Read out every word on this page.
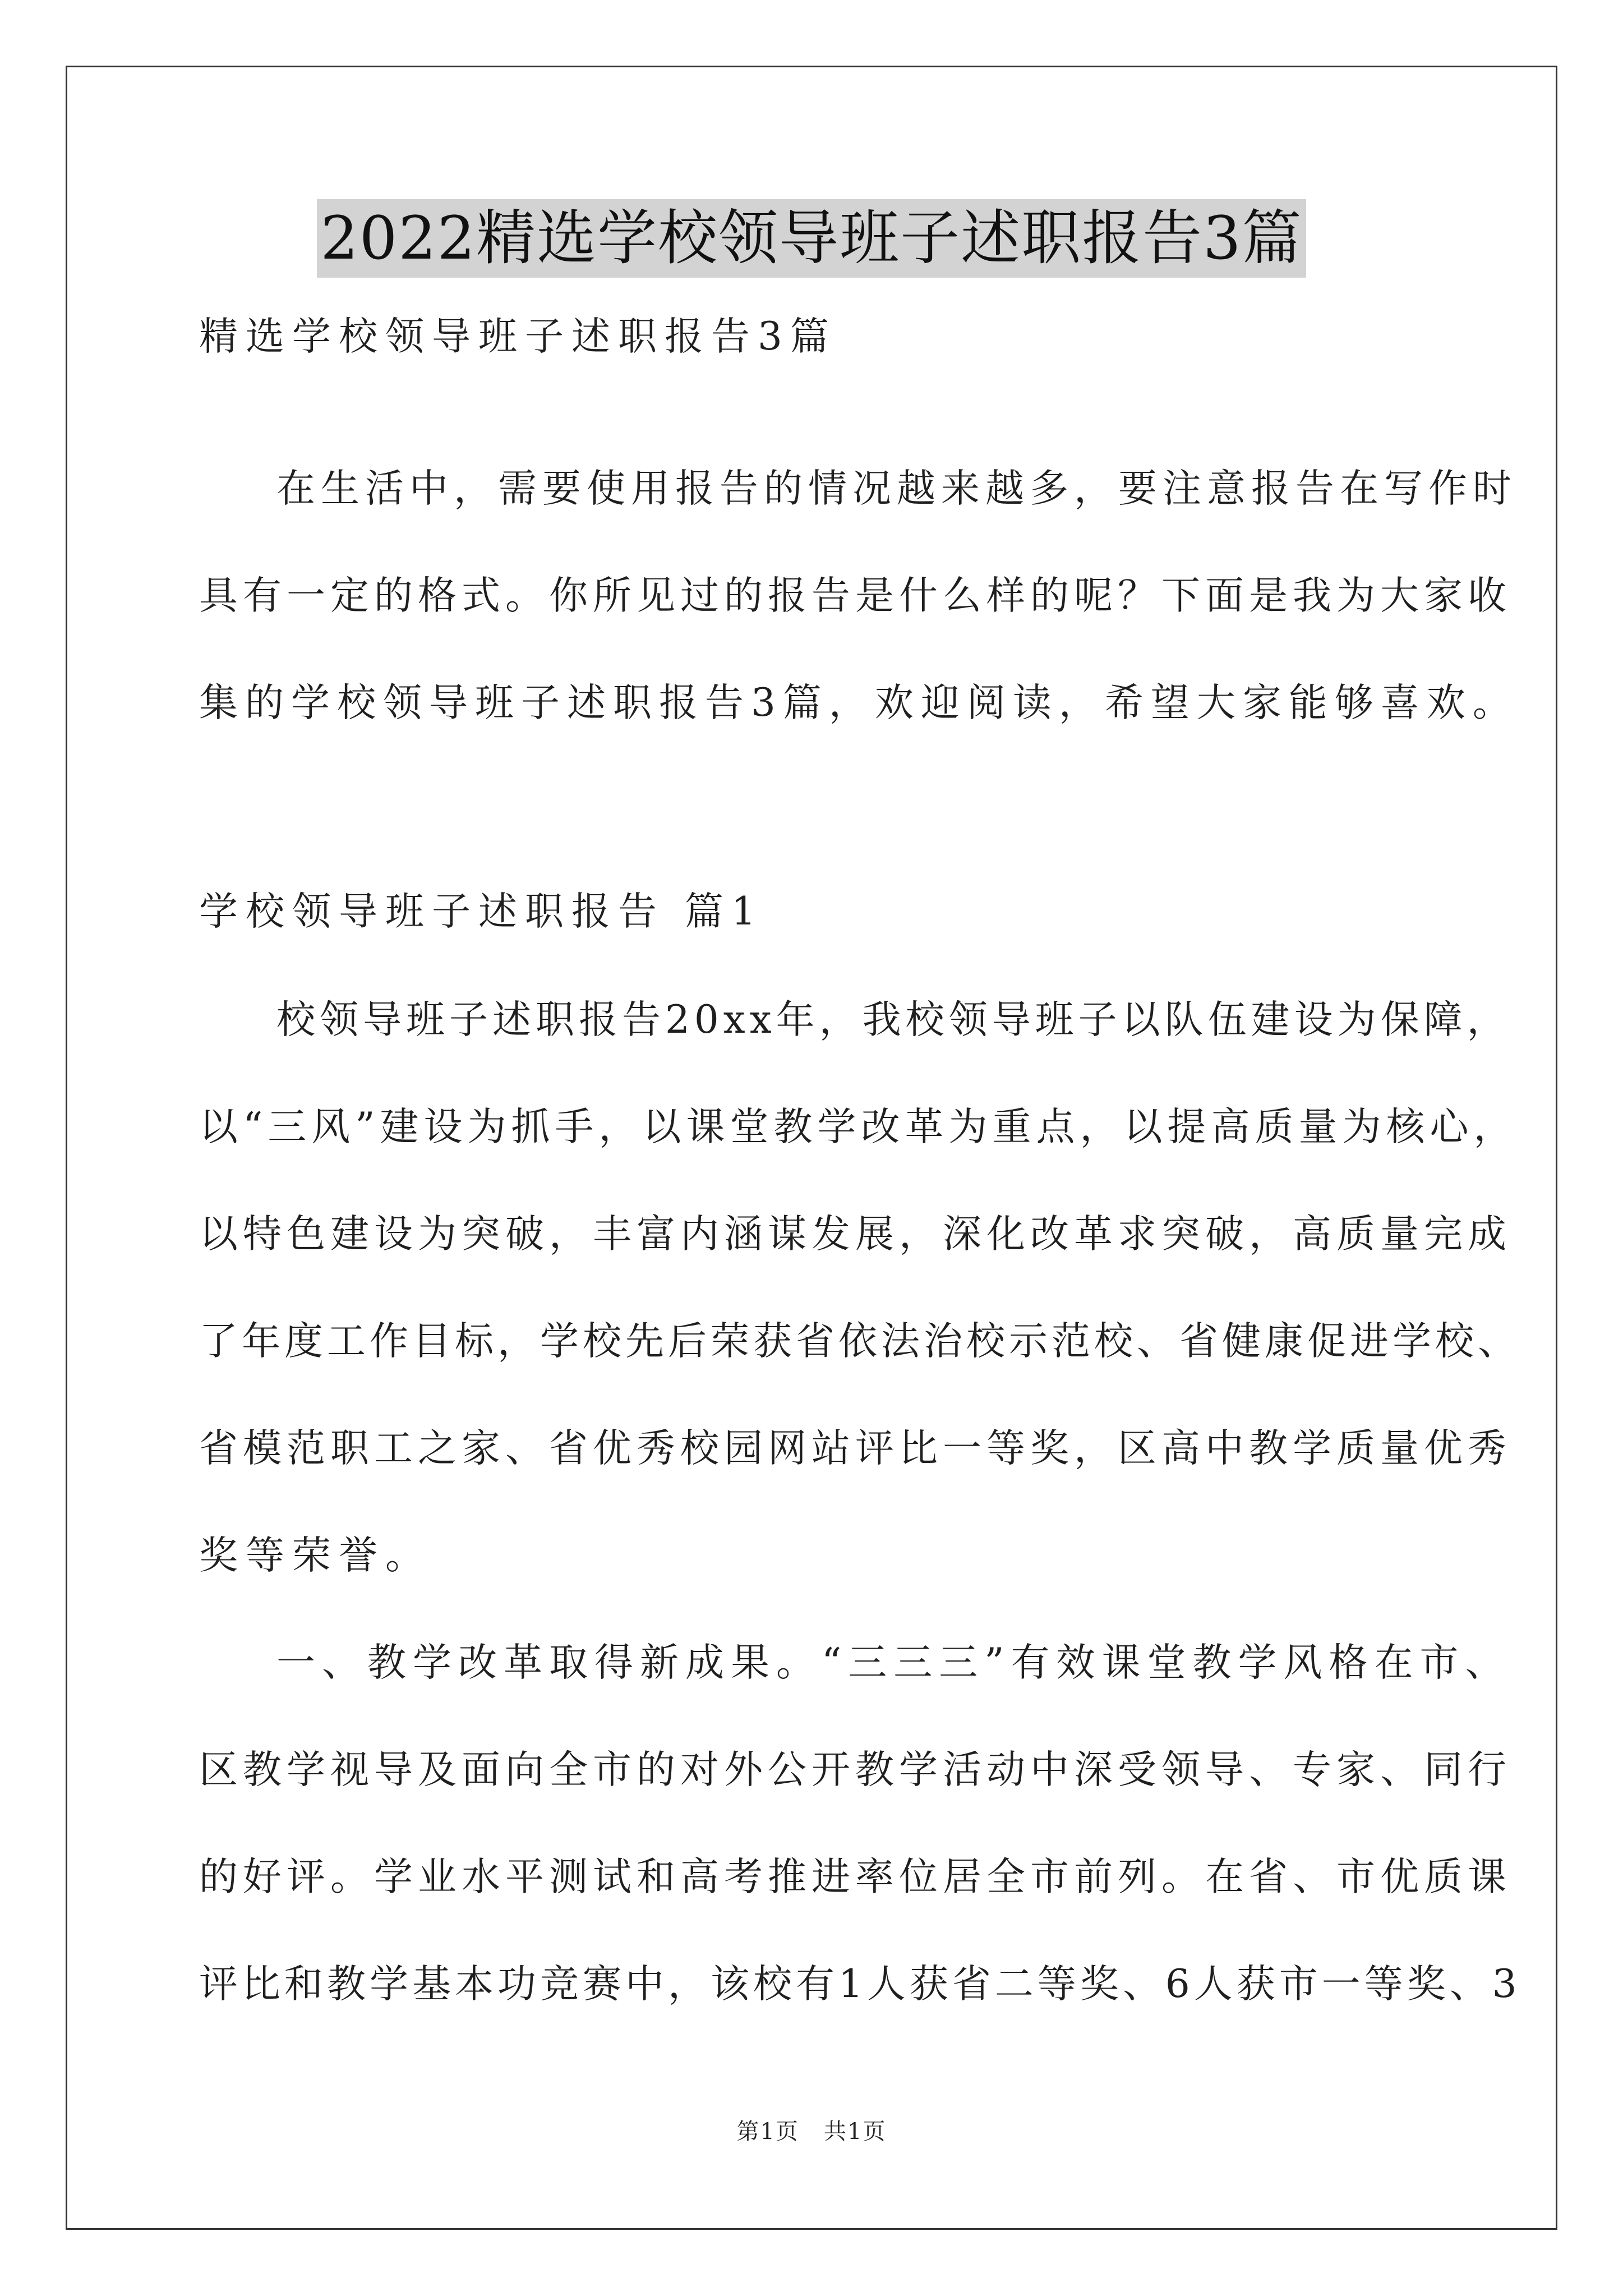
2022精选学校领导班子述职报告3篇
精选学校领导班子述职报告3篇
在生活中，需要使用报告的情况越来越多，要注意报告在写作时
具有一定的格式。你所见过的报告是什么样的呢？下面是我为大家收
集的学校领导班子述职报告3篇，欢迎阅读，希望大家能够喜欢。
学校领导班子述职报告 篇1
校领导班子述职报告20xx年，我校领导班子以队伍建设为保障，
以“三风”建设为抓手，以课堂教学改革为重点，以提高质量为核心，
以特色建设为突破，丰富内涵谋发展，深化改革求突破，高质量完成
了年度工作目标，学校先后荣获省依法治校示范校、省健康促进学校、
省模范职工之家、省优秀校园网站评比一等奖，区高中教学质量优秀
奖等荣誉。
一、教学改革取得新成果。“三三三”有效课堂教学风格在市、
区教学视导及面向全市的对外公开教学活动中深受领导、专家、同行
的好评。学业水平测试和高考推进率位居全市前列。在省、市优质课
评比和教学基本功竞赛中，该校有1人获省二等奖、6人获市一等奖、3
第1页   共1页
